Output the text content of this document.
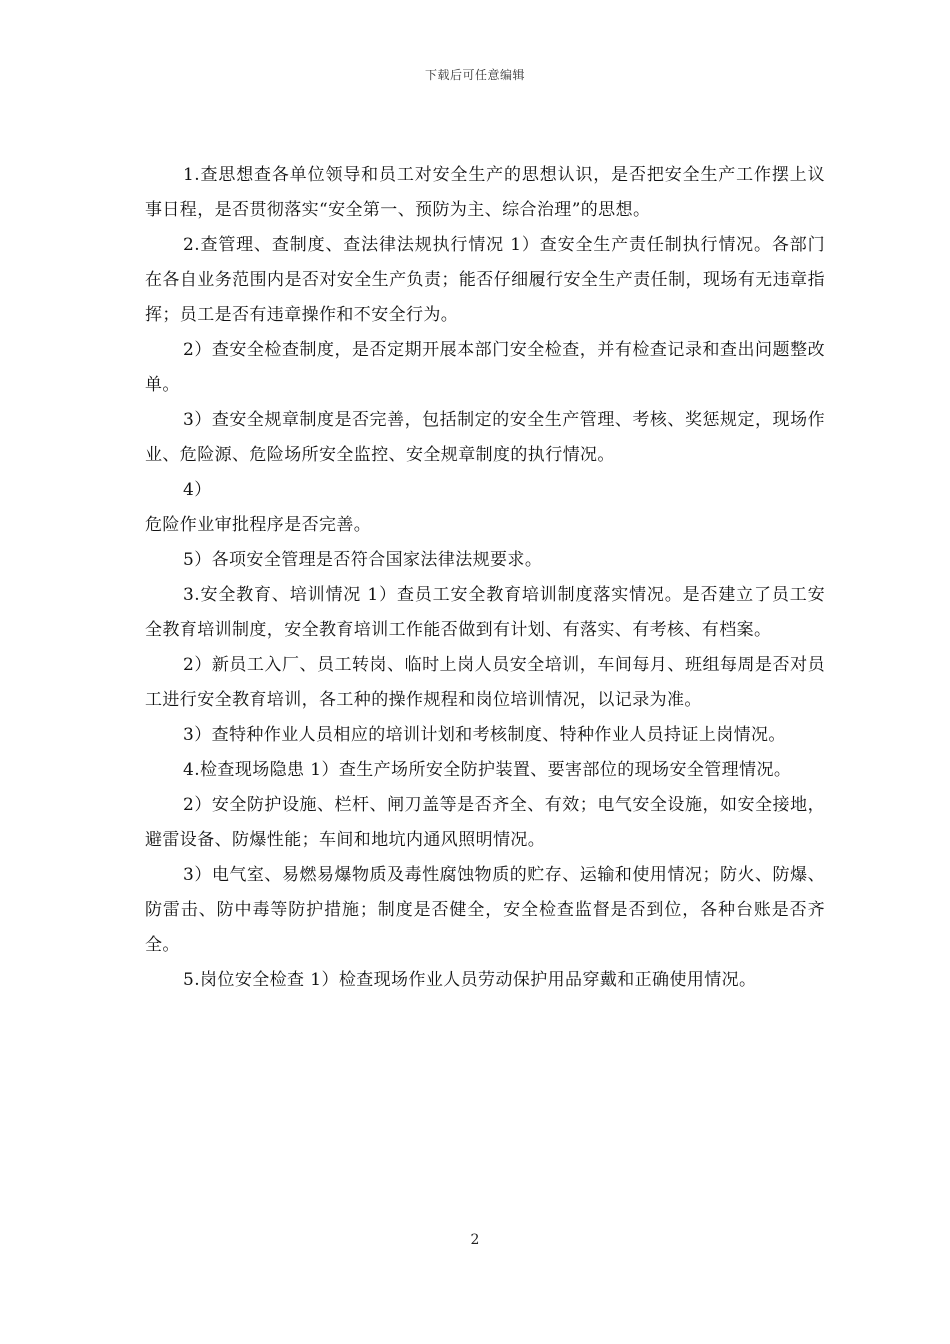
下载后可任意编辑

1.查思想查各单位领导和员工对安全生产的思想认识，是否把安全生产工作摆上议事日程，是否贯彻落实“安全第一、预防为主、综合治理”的思想。

2.查管理、查制度、查法律法规执行情况 1）查安全生产责任制执行情况。各部门在各自业务范围内是否对安全生产负责；能否仔细履行安全生产责任制，现场有无违章指挥；员工是否有违章操作和不安全行为。

2）查安全检查制度，是否定期开展本部门安全检查，并有检查记录和查出问题整改单。

3）查安全规章制度是否完善，包括制定的安全生产管理、考核、奖惩规定，现场作业、危险源、危险场所安全监控、安全规章制度的执行情况。

4）

危险作业审批程序是否完善。

5）各项安全管理是否符合国家法律法规要求。

3.安全教育、培训情况 1）查员工安全教育培训制度落实情况。是否建立了员工安全教育培训制度，安全教育培训工作能否做到有计划、有落实、有考核、有档案。

2）新员工入厂、员工转岗、临时上岗人员安全培训，车间每月、班组每周是否对员工进行安全教育培训，各工种的操作规程和岗位培训情况，以记录为准。

3）查特种作业人员相应的培训计划和考核制度、特种作业人员持证上岗情况。

4.检查现场隐患 1）查生产场所安全防护装置、要害部位的现场安全管理情况。

2）安全防护设施、栏杆、闸刀盖等是否齐全、有效；电气安全设施，如安全接地，避雷设备、防爆性能；车间和地坑内通风照明情况。

3）电气室、易燃易爆物质及毒性腐蚀物质的贮存、运输和使用情况；防火、防爆、防雷击、防中毒等防护措施；制度是否健全，安全检查监督是否到位，各种台账是否齐全。

5.岗位安全检查 1）检查现场作业人员劳动保护用品穿戴和正确使用情况。

2
